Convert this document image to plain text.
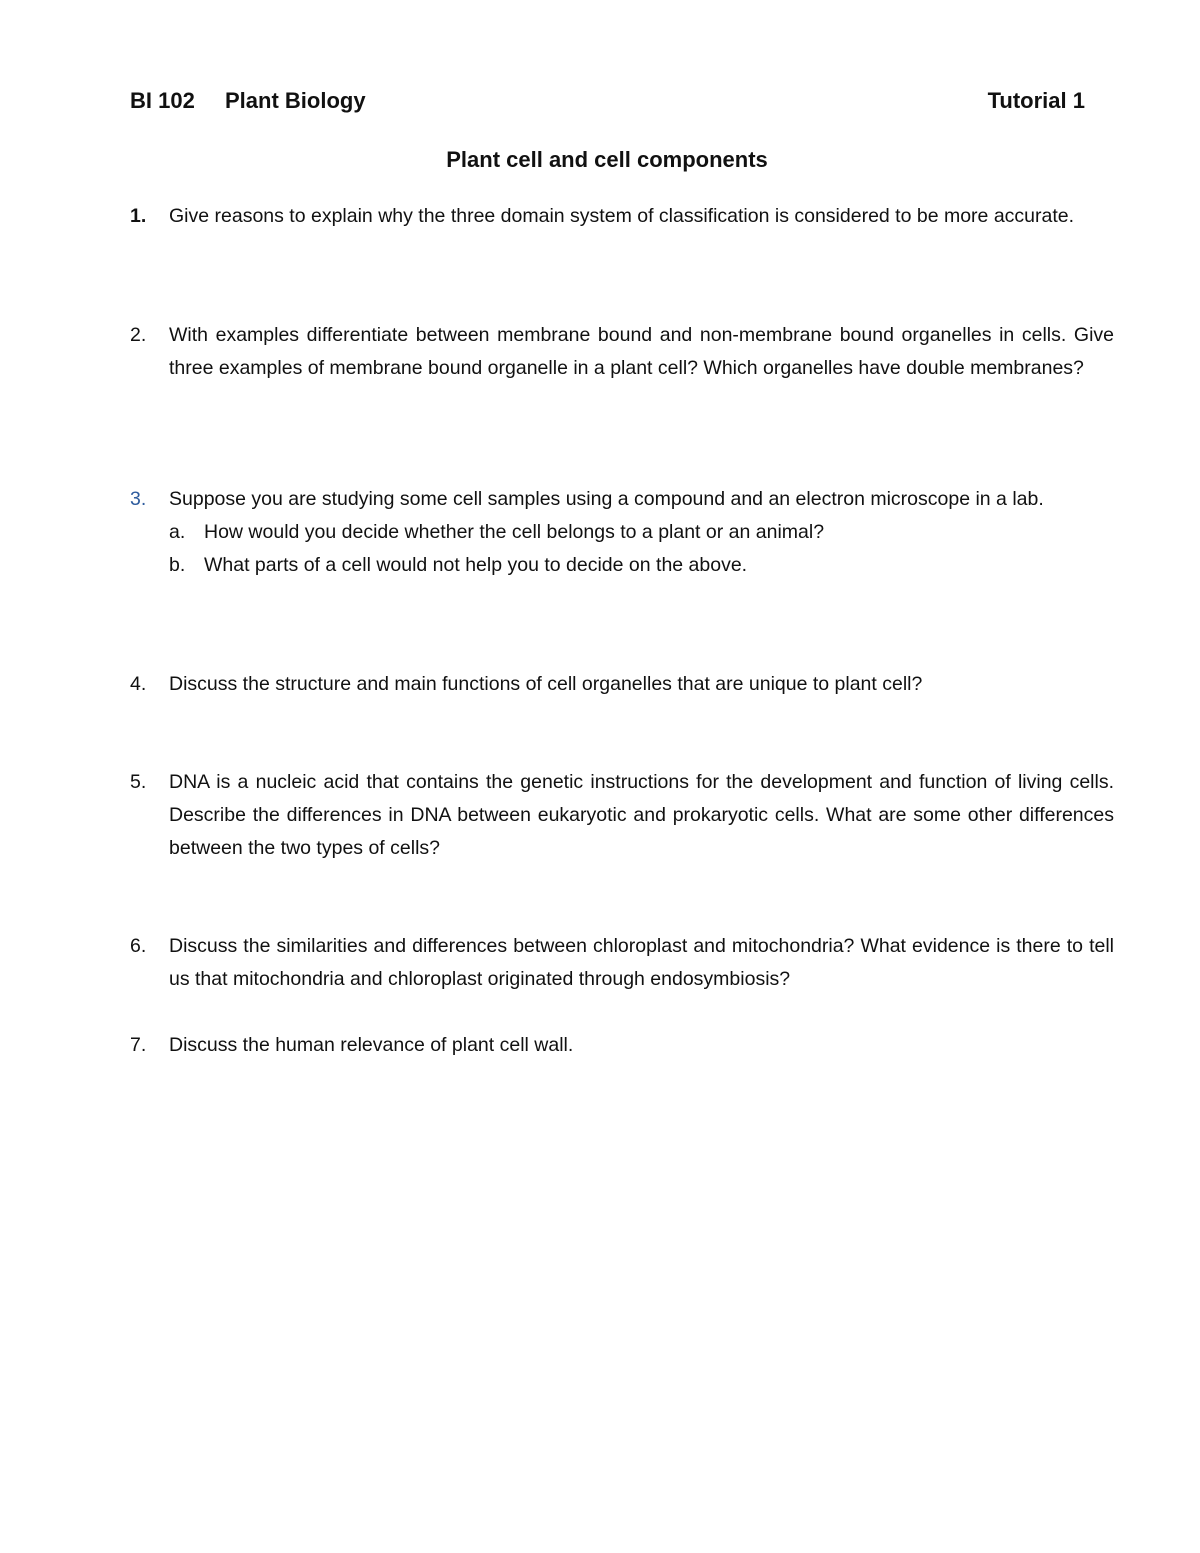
BI 102 Plant Biology	Tutorial 1
Plant cell and cell components
1.	Give reasons to explain why the three domain system of classification is considered to be more accurate.
2.	With examples differentiate between membrane bound and non-membrane bound organelles in cells. Give three examples of membrane bound organelle in a plant cell? Which organelles have double membranes?
3.	Suppose you are studying some cell samples using a compound and an electron microscope in a lab.
a. How would you decide whether the cell belongs to a plant or an animal?
b. What parts of a cell would not help you to decide on the above.
4.	Discuss the structure and main functions of cell organelles that are unique to plant cell?
5.	DNA is a nucleic acid that contains the genetic instructions for the development and function of living cells. Describe the differences in DNA between eukaryotic and prokaryotic cells. What are some other differences between the two types of cells?
6.	Discuss the similarities and differences between chloroplast and mitochondria? What evidence is there to tell us that mitochondria and chloroplast originated through endosymbiosis?
7.	Discuss the human relevance of plant cell wall.
